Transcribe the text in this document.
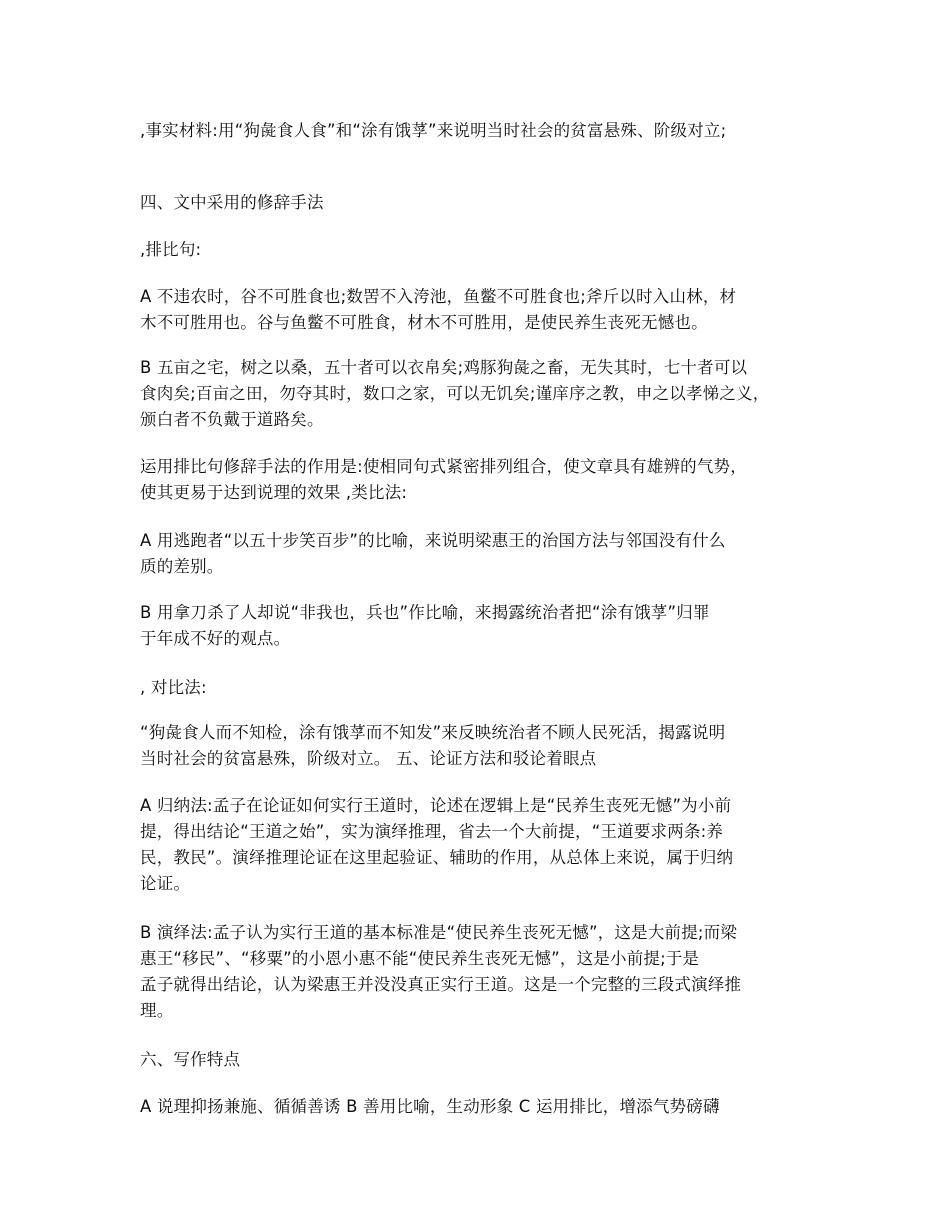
,事实材料:用“狗彘食人食”和“涂有饿莩”来说明当时社会的贫富悬殊、阶级对立;

四、文中采用的修辞手法

,排比句:

A 不违农时，谷不可胜食也;数罟不入洿池，鱼鳖不可胜食也;斧斤以时入山林，材
木不可胜用也。谷与鱼鳖不可胜食，材木不可胜用，是使民养生丧死无憾也。

B 五亩之宅，树之以桑，五十者可以衣帛矣;鸡豚狗彘之畜，无失其时，七十者可以
食肉矣;百亩之田，勿夺其时，数口之家，可以无饥矣;谨庠序之教，申之以孝悌之义，
颁白者不负戴于道路矣。

运用排比句修辞手法的作用是:使相同句式紧密排列组合，使文章具有雄辨的气势，
使其更易于达到说理的效果 ,类比法:

A 用逃跑者“以五十步笑百步”的比喻，来说明梁惠王的治国方法与邻国没有什么
质的差别。

B 用拿刀杀了人却说“非我也，兵也”作比喻，来揭露统治者把“涂有饿莩”归罪
于年成不好的观点。

, 对比法:

“狗彘食人而不知检，涂有饿莩而不知发”来反映统治者不顾人民死活，揭露说明
当时社会的贫富悬殊，阶级对立。 五、论证方法和驳论着眼点

A 归纳法:孟子在论证如何实行王道时，论述在逻辑上是“民养生丧死无憾”为小前
提，得出结论“王道之始”，实为演绎推理，省去一个大前提，“王道要求两条:养
民，教民”。演绎推理论证在这里起验证、辅助的作用，从总体上来说，属于归纳
论证。

B 演绎法:孟子认为实行王道的基本标准是“使民养生丧死无憾”，这是大前提;而梁
惠王“移民”、“移粟”的小恩小惠不能“使民养生丧死无憾”，这是小前提;于是
孟子就得出结论，认为梁惠王并没没真正实行王道。这是一个完整的三段式演绎推
理。

六、写作特点

A 说理抑扬兼施、循循善诱 B 善用比喻，生动形象 C 运用排比，增添气势磅礴
